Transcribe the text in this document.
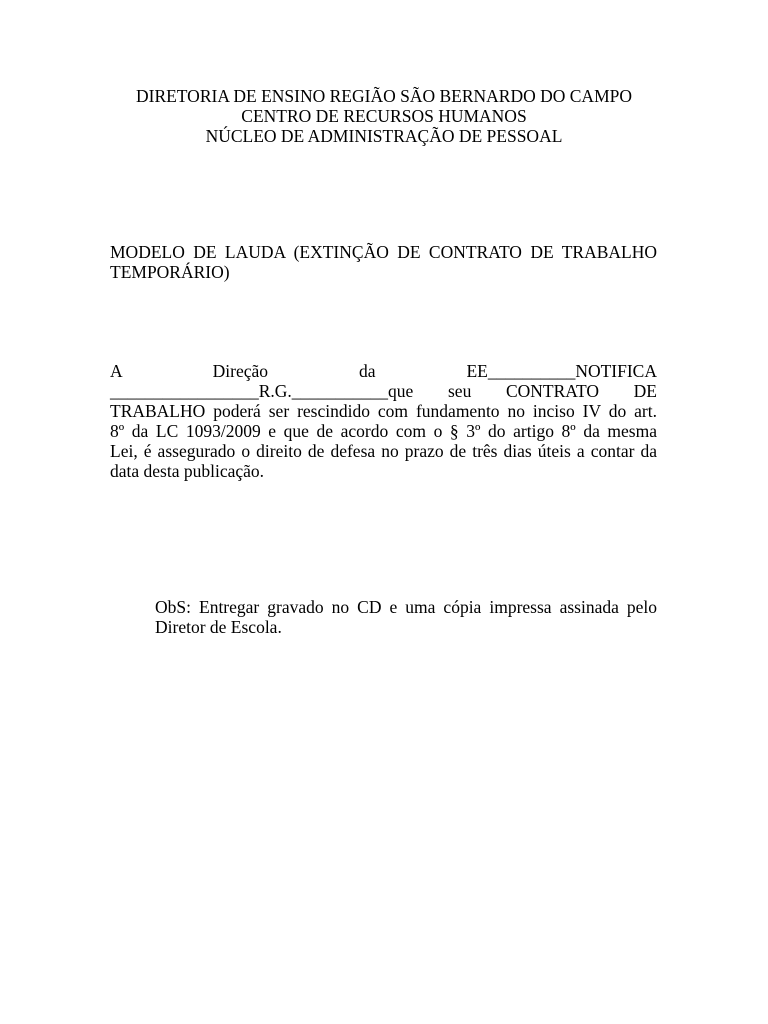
DIRETORIA DE ENSINO REGIÃO SÃO BERNARDO DO CAMPO
CENTRO DE RECURSOS HUMANOS
NÚCLEO DE ADMINISTRAÇÃO DE PESSOAL
MODELO DE LAUDA (EXTINÇÃO DE CONTRATO DE TRABALHO
TEMPORÁRIO)
A Direção da EE__________NOTIFICA
_________________R.G.___________que seu CONTRATO DE
TRABALHO poderá ser rescindido com fundamento no inciso IV do art.
8º da LC 1093/2009 e que de acordo com o § 3º do artigo 8º da mesma
Lei, é assegurado o direito de defesa no prazo de três dias úteis a contar da
data desta publicação.
ObS: Entregar gravado no CD e uma cópia impressa assinada pelo
Diretor de Escola.
